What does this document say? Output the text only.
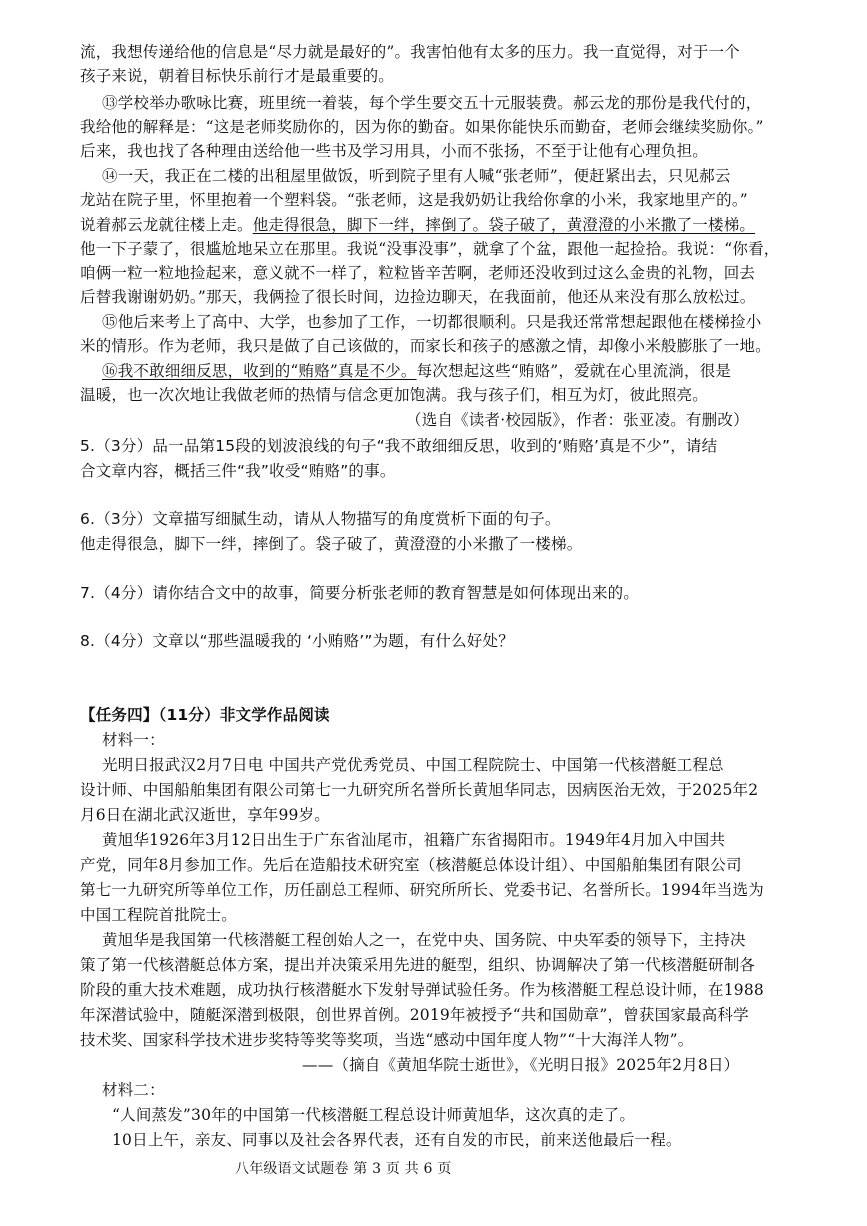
流，我想传递给他的信息是“尽力就是最好的”。我害怕他有太多的压力。我一直觉得，对于一个
孩子来说，朝着目标快乐前行才是最重要的。
⑬学校举办歌咏比赛，班里统一着装，每个学生要交五十元服装费。郝云龙的那份是我代付的，
我给他的解释是：“这是老师奖励你的，因为你的勤奋。如果你能快乐而勤奋，老师会继续奖励你。”
后来，我也找了各种理由送给他一些书及学习用具，小而不张扬，不至于让他有心理负担。
⑭一天，我正在二楼的出租屋里做饭，听到院子里有人喊“张老师”，便赶紧出去，只见郝云
龙站在院子里，怀里抱着一个塑料袋。“张老师，这是我奶奶让我给你拿的小米，我家地里产的。”
说着郝云龙就往楼上走。他走得很急，脚下一绊，摔倒了。袋子破了，黄澄澄的小米撒了一楼梯。
他一下子蒙了，很尴尬地呆立在那里。我说“没事没事”，就拿了个盆，跟他一起捡拾。我说：“你看，
咱俩一粒一粒地捡起来，意义就不一样了，粒粒皆辛苦啊，老师还没收到过这么金贵的礼物，回去
后替我谢谢奶奶。”那天，我俩捡了很长时间，边捡边聊天，在我面前，他还从来没有那么放松过。
⑮他后来考上了高中、大学，也参加了工作，一切都很顺利。只是我还常常想起跟他在楼梯捡小
米的情形。作为老师，我只是做了自己该做的，而家长和孩子的感激之情，却像小米般膨胀了一地。
⑯我不敢细细反思，收到的“贿赂”真是不少。每次想起这些“贿赂”，爱就在心里流淌，很是
温暖，也一次次地让我做老师的热情与信念更加饱满。我与孩子们，相互为灯，彼此照亮。
（选自《读者·校园版》，作者：张亚凌。有删改）
5.（3分）品一品第15段的划波浪线的句子“我不敢细细反思，收到的‘贿赂’真是不少”，请结
合文章内容，概括三件“我”收受“贿赂”的事。
6.（3分）文章描写细腻生动，请从人物描写的角度赏析下面的句子。
他走得很急，脚下一绊，摔倒了。袋子破了，黄澄澄的小米撒了一楼梯。
7.（4分）请你结合文中的故事，简要分析张老师的教育智慧是如何体现出来的。
8.（4分）文章以“那些温暖我的 ‘小贿赂’”为题，有什么好处？
【任务四】（11分）非文学作品阅读
材料一：
光明日报武汉2月7日电 中国共产党优秀党员、中国工程院院士、中国第一代核潜艇工程总
设计师、中国船舶集团有限公司第七一九研究所名誉所长黄旭华同志，因病医治无效，于2025年2
月6日在湖北武汉逝世，享年99岁。
黄旭华1926年3月12日出生于广东省汕尾市，祖籍广东省揭阳市。1949年4月加入中国共
产党，同年8月参加工作。先后在造船技术研究室（核潜艇总体设计组）、中国船舶集团有限公司
第七一九研究所等单位工作，历任副总工程师、研究所所长、党委书记、名誉所长。1994年当选为
中国工程院首批院士。
黄旭华是我国第一代核潜艇工程创始人之一，在党中央、国务院、中央军委的领导下，主持决
策了第一代核潜艇总体方案，提出并决策采用先进的艇型，组织、协调解决了第一代核潜艇研制各
阶段的重大技术难题，成功执行核潜艇水下发射导弹试验任务。作为核潜艇工程总设计师，在1988
年深潜试验中，随艇深潜到极限，创世界首例。2019年被授予“共和国勋章”，曾获国家最高科学
技术奖、国家科学技术进步奖特等奖等奖项，当选“感动中国年度人物”“十大海洋人物”。
——（摘自《黄旭华院士逝世》，《光明日报》2025年2月8日）
材料二：
“人间蒸发”30年的中国第一代核潜艇工程总设计师黄旭华，这次真的走了。
10日上午，亲友、同事以及社会各界代表，还有自发的市民，前来送他最后一程。
八年级语文试题卷 第 3 页 共 6 页
